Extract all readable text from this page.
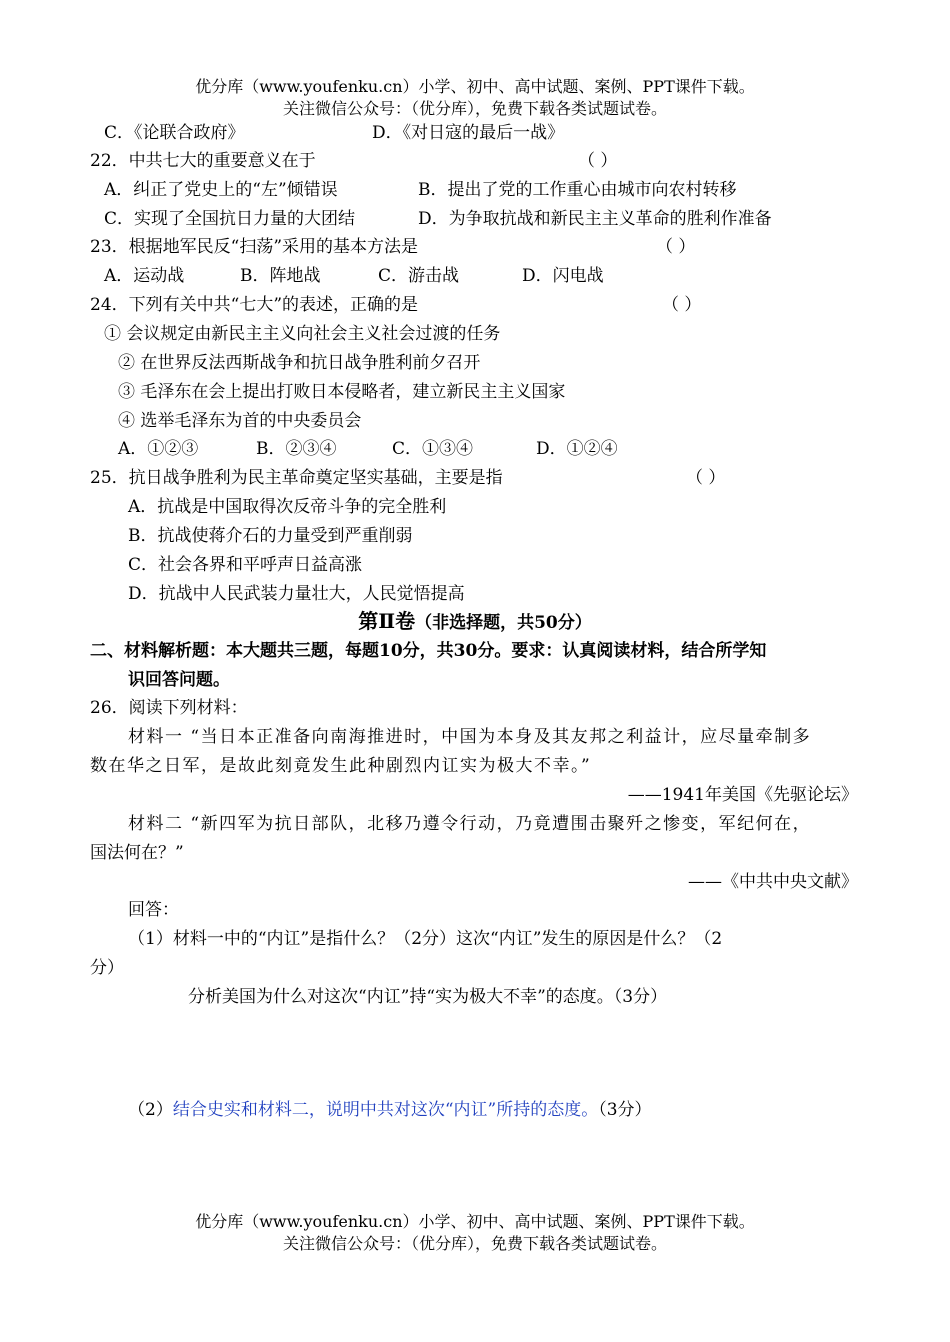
优分库（www.youfenku.cn）小学、初中、高中试题、案例、PPT课件下载。
关注微信公众号：（优分库），免费下载各类试题试卷。
C．《论联合政府》	D．《对日寇的最后一战》
22．中共七大的重要意义在于	（ ）
A．纠正了党史上的“左”倾错误	B．提出了党的工作重心由城市向农村转移
C．实现了全国抗日力量的大团结	D．为争取抗战和新民主主义革命的胜利作准备
23．根据地军民反“扫荡”采用的基本方法是	（ ）
A．运动战	B．阵地战	C．游击战	D．闪电战
24．下列有关中共“七大”的表述，正确的是	（ ）
① 会议规定由新民主主义向社会主义社会过渡的任务
② 在世界反法西斯战争和抗日战争胜利前夕召开
③ 毛泽东在会上提出打败日本侵略者，建立新民主主义国家
④ 选举毛泽东为首的中央委员会
A．①②③	B．②③④	C．①③④	D．①②④
25．抗日战争胜利为民主革命奠定坚实基础，主要是指	（ ）
A．抗战是中国取得次反帝斗争的完全胜利
B．抗战使蒋介石的力量受到严重削弱
C．社会各界和平呼声日益高涨
D．抗战中人民武装力量壮大，人民觉悟提高
第Ⅱ卷（非选择题，共50分）
二、材料解析题：本大题共三题，每题10分，共30分。要求：认真阅读材料，结合所学知
识回答问题。
26．阅读下列材料：
材料一 “当日本正准备向南海推进时，中国为本身及其友邦之利益计，应尽量牵制多
数在华之日军，是故此刻竟发生此种剧烈内讧实为极大不幸。”
——1941年美国《先驱论坛》
材料二 “新四军为抗日部队，北移乃遵令行动，乃竟遭围击聚歼之惨变，军纪何在，
国法何在？”
——《中共中央文献》
回答：
（1）材料一中的“内讧”是指什么？（2分）这次“内讧”发生的原因是什么？（2
分）
分析美国为什么对这次“内讧”持“实为极大不幸”的态度。（3分）
（2）结合史实和材料二，说明中共对这次“内讧”所持的态度。（3分）
优分库（www.youfenku.cn）小学、初中、高中试题、案例、PPT课件下载。
关注微信公众号：（优分库），免费下载各类试题试卷。
